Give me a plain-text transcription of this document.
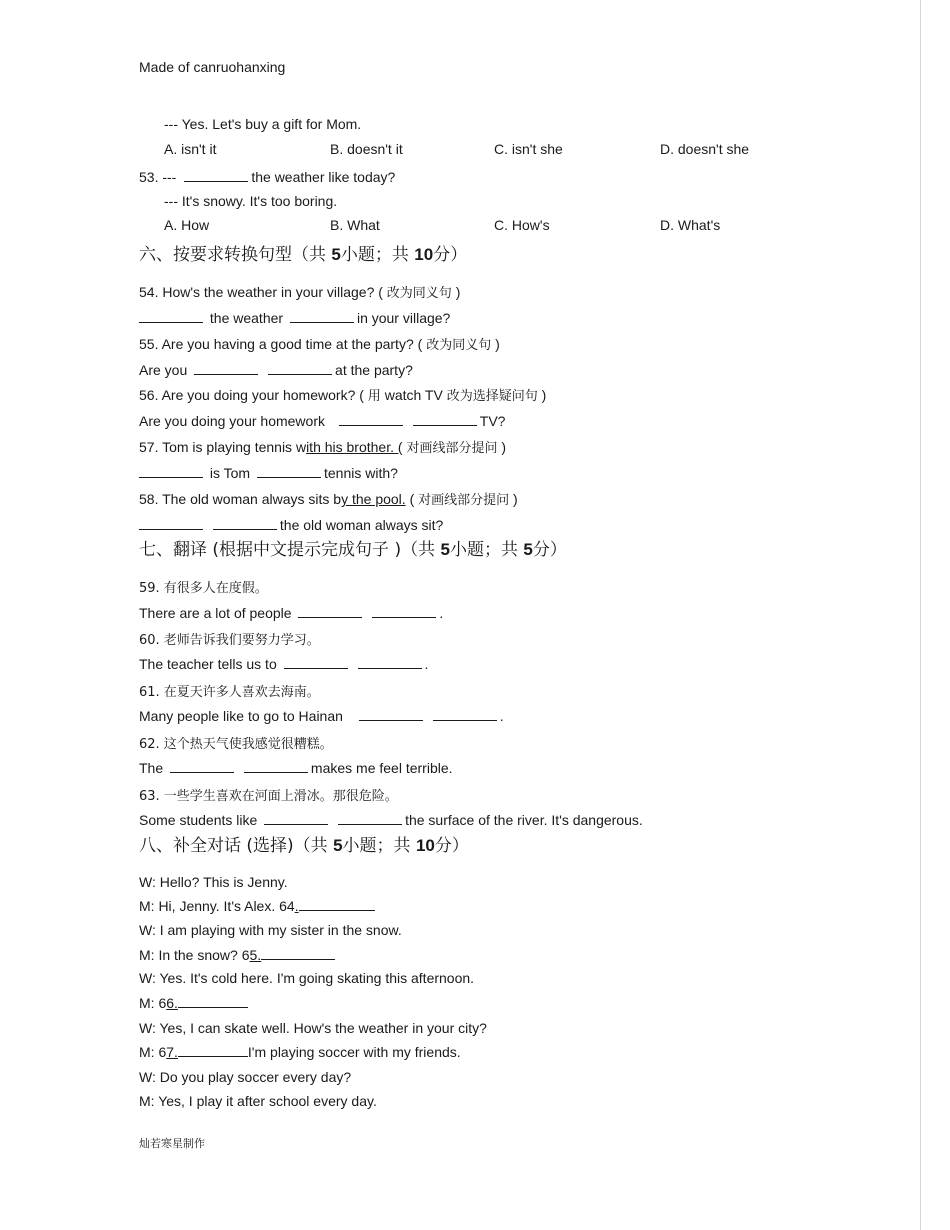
Made of canruohanxing
--- Yes. Let's buy a gift for Mom.
A. isn't it	B. doesn't it	C. isn't she	D. doesn't she
53. ---	the weather like today?
--- It's snowy. It's too boring.
A. How	B. What	C. How's	D. What's
六、按要求转换句型（共 5小题；共 10分）
54. How's the weather in your village? ( 改为同义句 )
the weather	in your village?
55. Are you having a good time at the party? ( 改为同义句 )
Are you	at the party?
56. Are you doing your homework? ( 用 watch TV 改为选择疑问句 )
Are you doing your homework	TV?
57. Tom is playing tennis with his brother. ( 对画线部分提问 )
is Tom	tennis with?
58. The old woman always sits by the pool. ( 对画线部分提问 )
the old woman always sit?
七、翻译 (根据中文提示完成句子 )（共 5小题；共 5分）
59. 有很多人在度假。
There are a lot of people	.
60. 老师告诉我们要努力学习。
The teacher tells us to	.
61. 在夏天许多人喜欢去海南。
Many people like to go to Hainan	.
62. 这个热天气使我感觉很糟糕。
The	makes me feel terrible.
63. 一些学生喜欢在河面上滑冰。那很危险。
Some students like	the surface of the river. It's dangerous.
八、补全对话 (选择)（共 5小题；共 10分）
W: Hello? This is Jenny.
M: Hi, Jenny. It's Alex. 64.
W: I am playing with my sister in the snow.
M: In the snow? 65.
W: Yes. It's cold here. I'm going skating this afternoon.
M: 66.
W: Yes, I can skate well. How's the weather in your city?
M: 67.	I'm playing soccer with my friends.
W: Do you play soccer every day?
M: Yes, I play it after school every day.
灿若寒星制作
